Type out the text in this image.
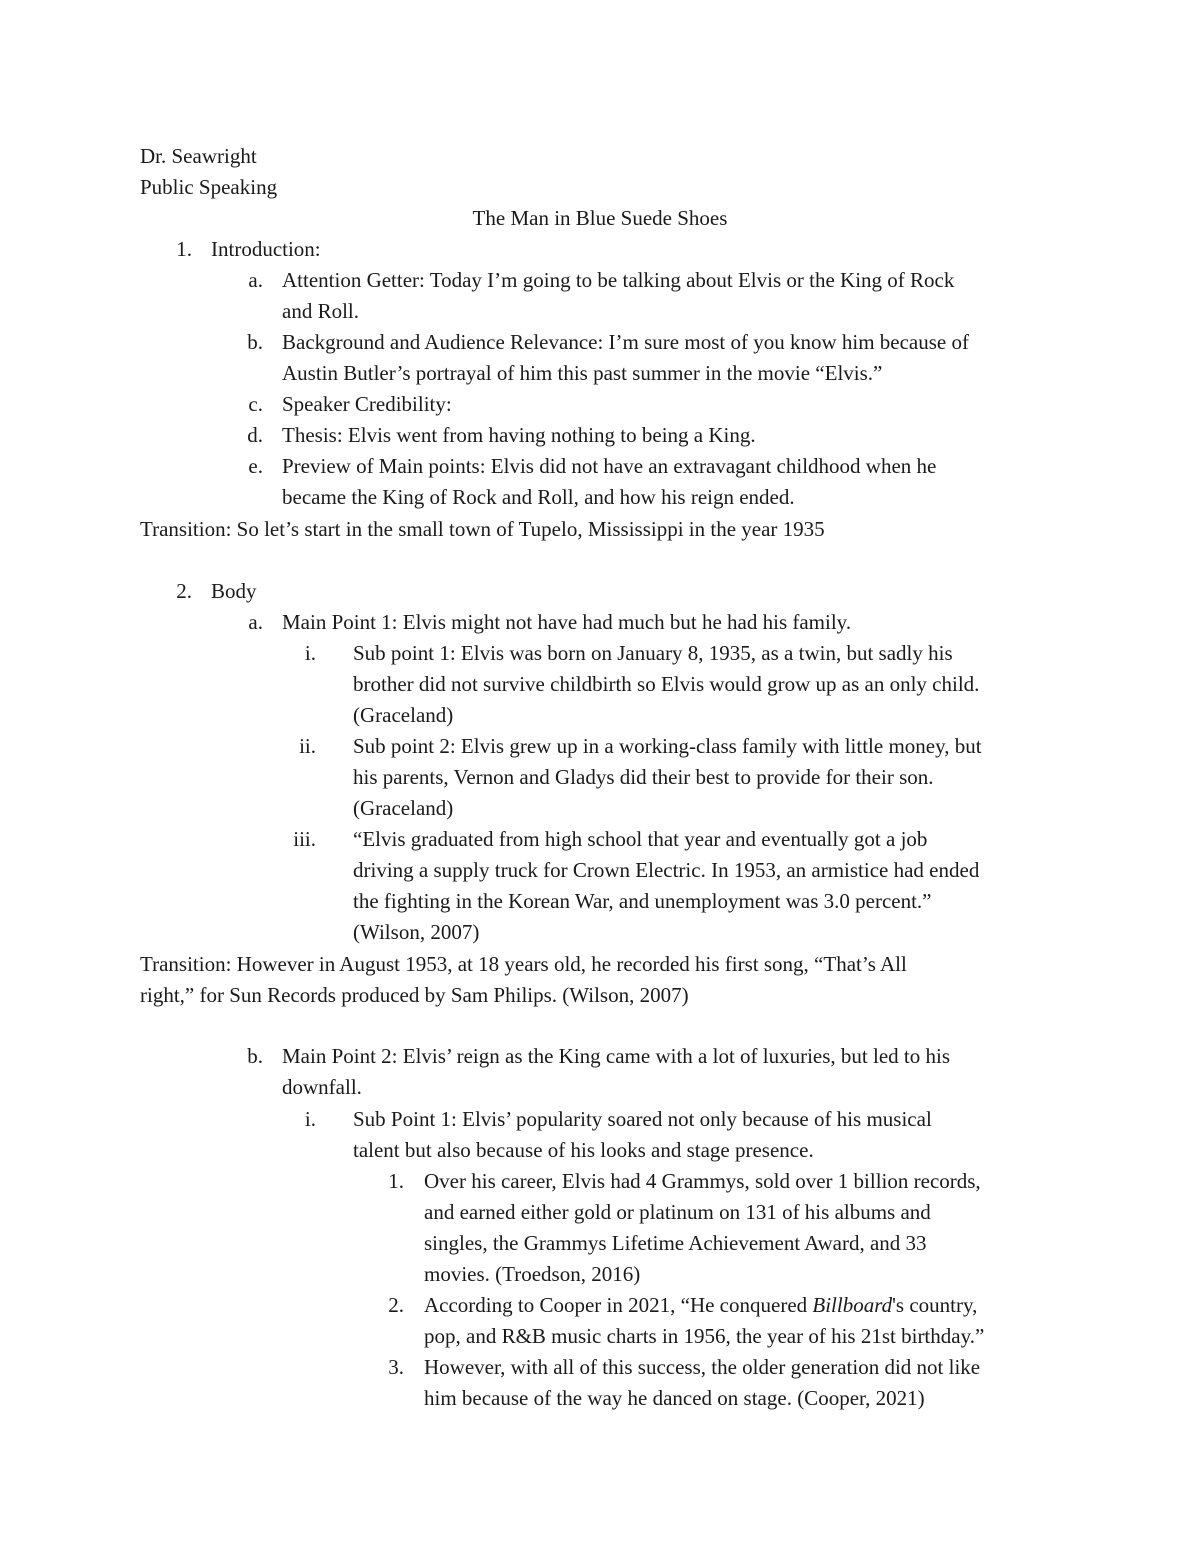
Dr. Seawright
Public Speaking
The Man in Blue Suede Shoes
1. Introduction:
a. Attention Getter: Today I’m going to be talking about Elvis or the King of Rock
and Roll.
b. Background and Audience Relevance: I’m sure most of you know him because of
Austin Butler’s portrayal of him this past summer in the movie “Elvis.”
c. Speaker Credibility:
d. Thesis: Elvis went from having nothing to being a King.
e. Preview of Main points: Elvis did not have an extravagant childhood when he
became the King of Rock and Roll, and how his reign ended.
Transition: So let’s start in the small town of Tupelo, Mississippi in the year 1935
2. Body
a. Main Point 1: Elvis might not have had much but he had his family.
i. Sub point 1: Elvis was born on January 8, 1935, as a twin, but sadly his
brother did not survive childbirth so Elvis would grow up as an only child.
(Graceland)
ii. Sub point 2: Elvis grew up in a working-class family with little money, but
his parents, Vernon and Gladys did their best to provide for their son.
(Graceland)
iii. “Elvis graduated from high school that year and eventually got a job
driving a supply truck for Crown Electric. In 1953, an armistice had ended
the fighting in the Korean War, and unemployment was 3.0 percent.”
(Wilson, 2007)
Transition: However in August 1953, at 18 years old, he recorded his first song, “That’s All
right,” for Sun Records produced by Sam Philips. (Wilson, 2007)
b. Main Point 2: Elvis’ reign as the King came with a lot of luxuries, but led to his
downfall.
i. Sub Point 1: Elvis’ popularity soared not only because of his musical
talent but also because of his looks and stage presence.
1. Over his career, Elvis had 4 Grammys, sold over 1 billion records,
and earned either gold or platinum on 131 of his albums and
singles, the Grammys Lifetime Achievement Award, and 33
movies. (Troedson, 2016)
2. According to Cooper in 2021, “He conquered Billboard's country,
pop, and R&B music charts in 1956, the year of his 21st birthday.”
3. However, with all of this success, the older generation did not like
him because of the way he danced on stage. (Cooper, 2021)
